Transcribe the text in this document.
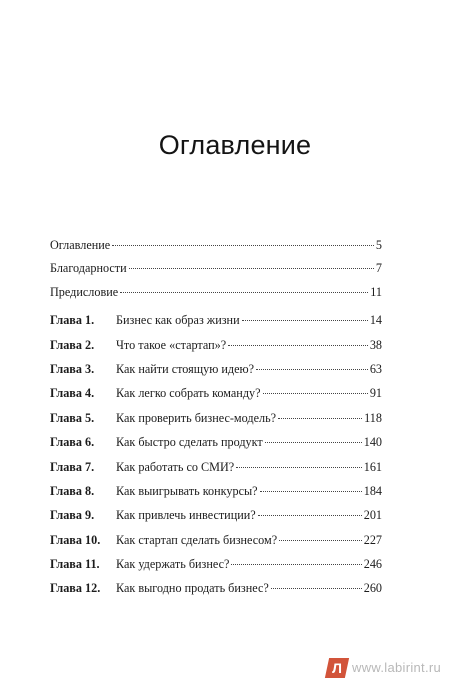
Оглавление
Оглавление	5
Благодарности	7
Предисловие	11
Глава 1.	Бизнес как образ жизни	14
Глава 2.	Что такое «стартап»?	38
Глава 3.	Как найти стоящую идею?	63
Глава 4.	Как легко собрать команду?	91
Глава 5.	Как проверить бизнес-модель?	118
Глава 6.	Как быстро сделать продукт	140
Глава 7.	Как работать со СМИ?	161
Глава 8.	Как выигрывать конкурсы?	184
Глава 9.	Как привлечь инвестиции?	201
Глава 10.	Как стартап сделать бизнесом?	227
Глава 11.	Как удержать бизнес?	246
Глава 12.	Как выгодно продать бизнес?	260
Л www.labirint.ru
